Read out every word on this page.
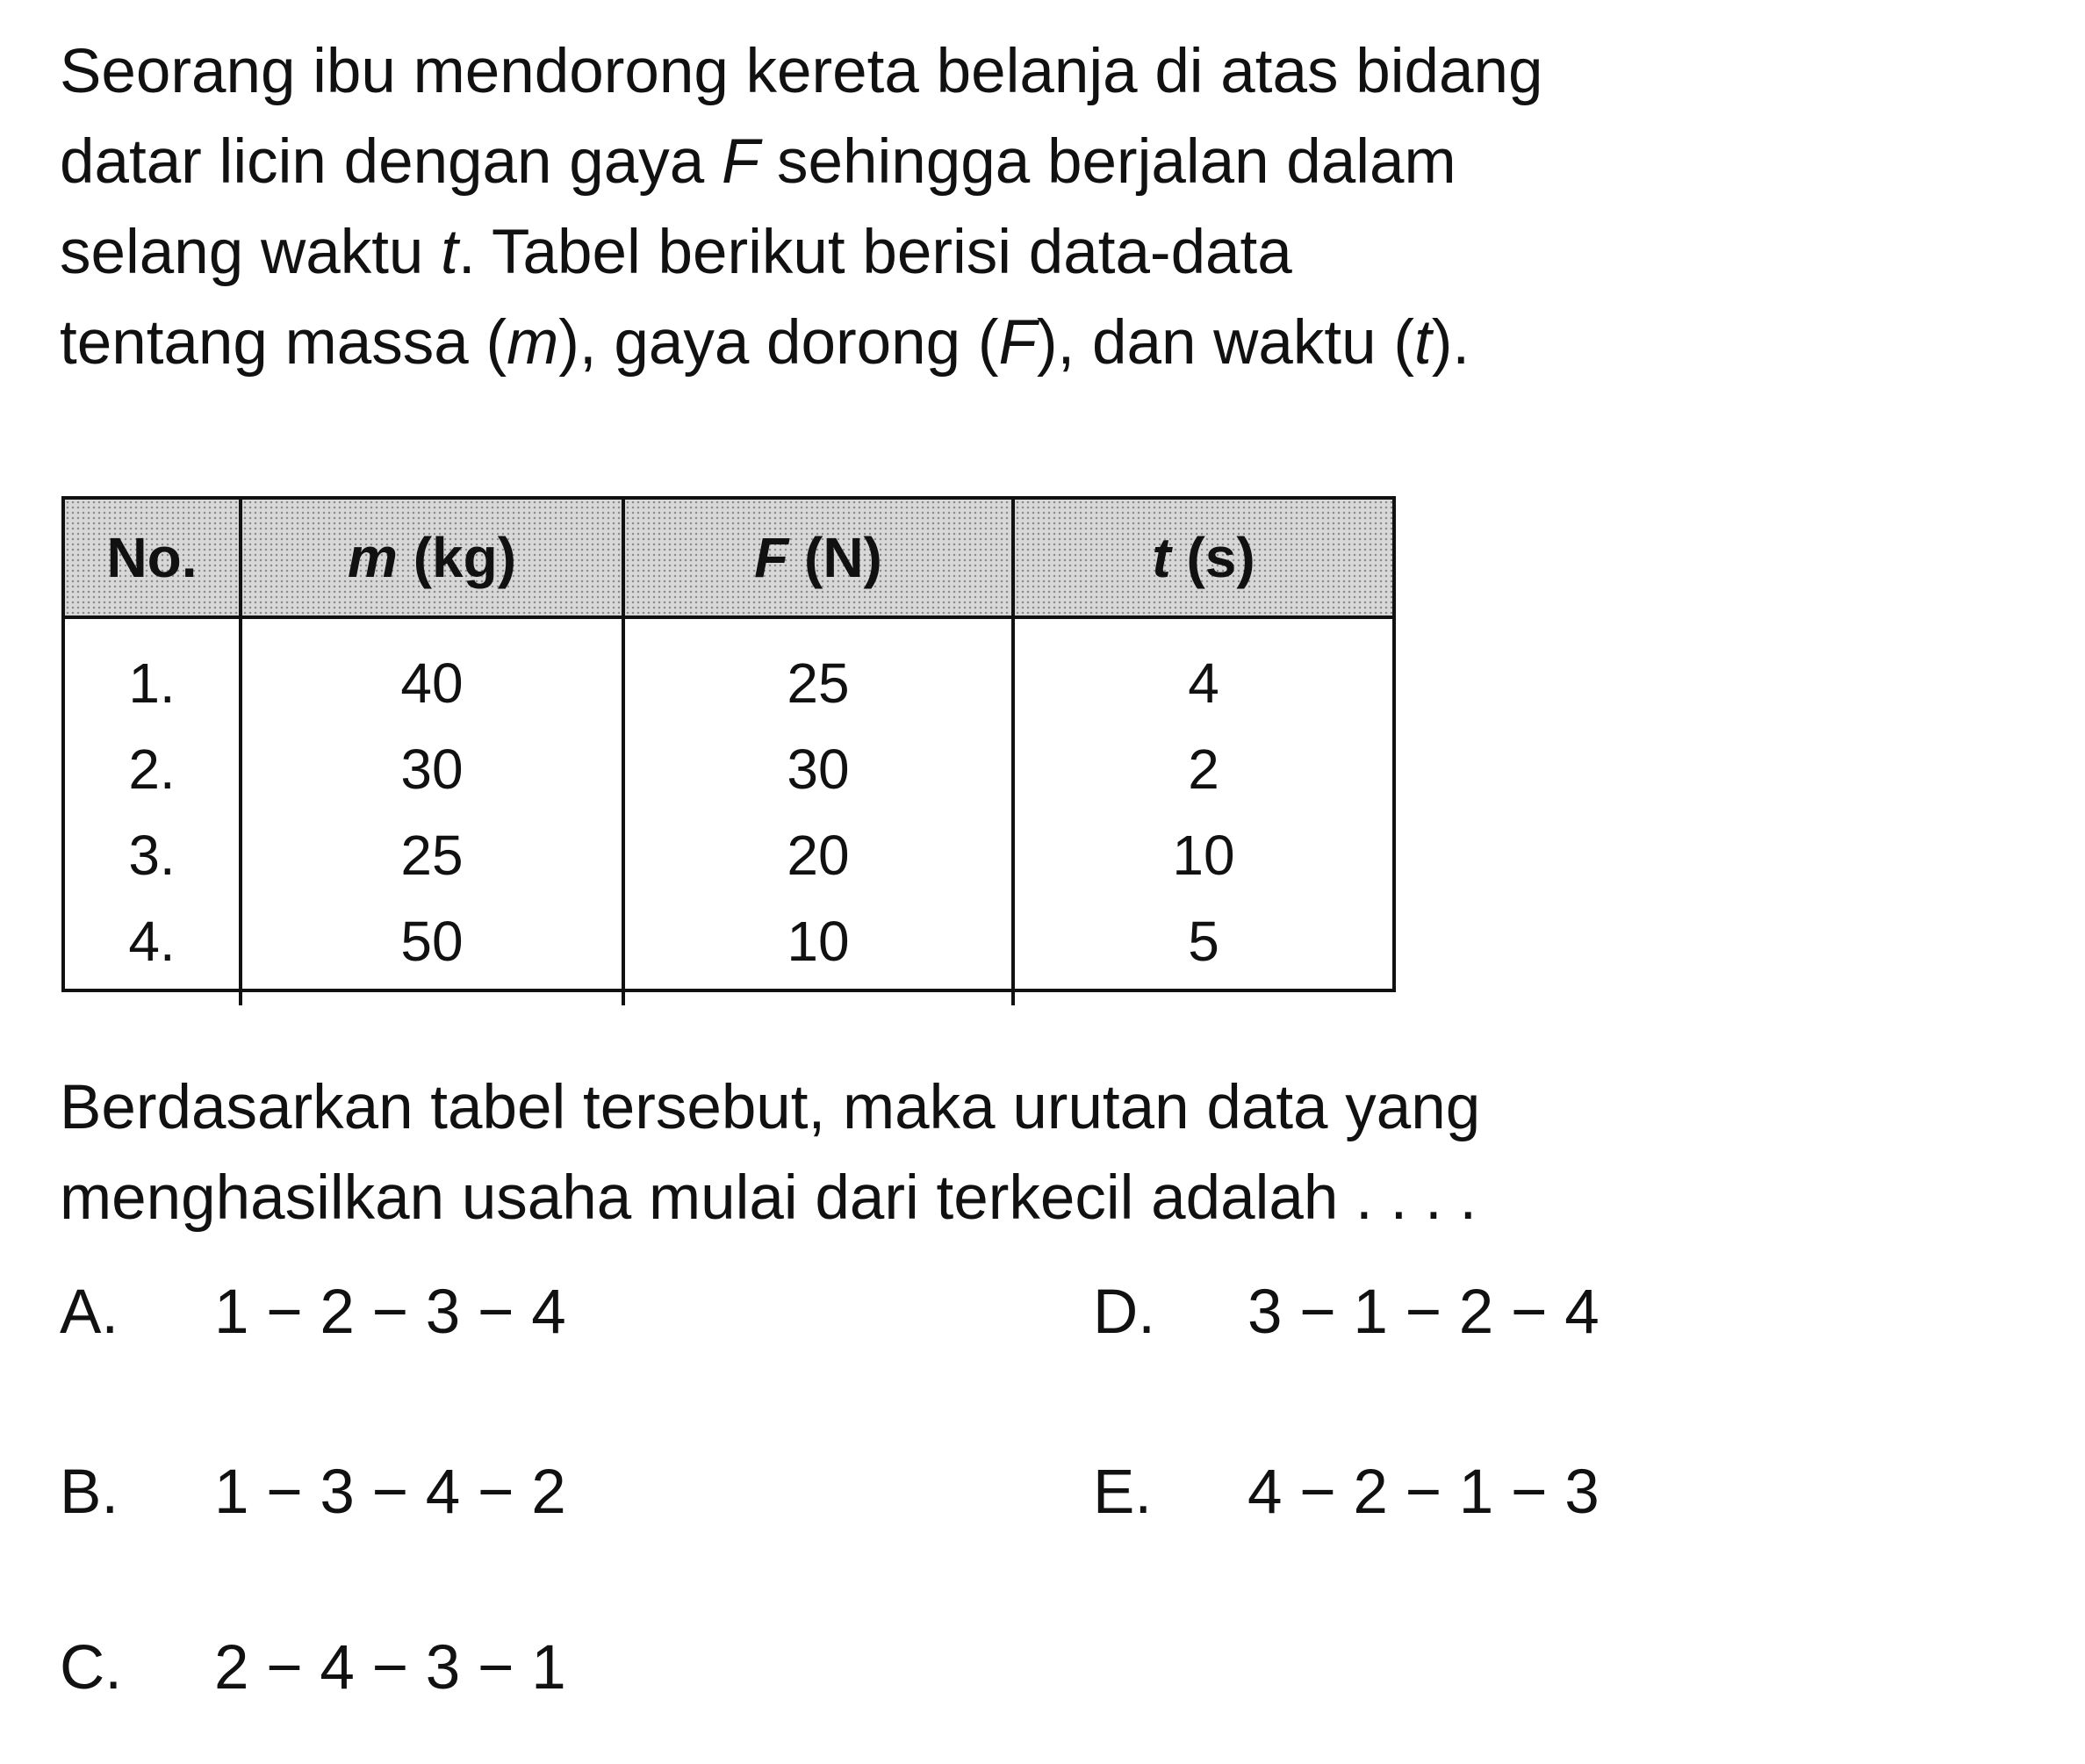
Seorang ibu mendorong kereta belanja di atas bidang
datar licin dengan gaya F sehingga berjalan dalam
selang waktu t. Tabel berikut berisi data-data
tentang massa (m), gaya dorong (F), dan waktu (t).
No.	m (kg)	F (N)	t (s)
1.	40	25	4
2.	30	30	2
3.	25	20	10
4.	50	10	5
Berdasarkan tabel tersebut, maka urutan data yang
menghasilkan usaha mulai dari terkecil adalah . . . .
A. 1 − 2 − 3 − 4
B. 1 − 3 − 4 − 2
C. 2 − 4 − 3 − 1
D. 3 − 1 − 2 − 4
E. 4 − 2 − 1 − 3
